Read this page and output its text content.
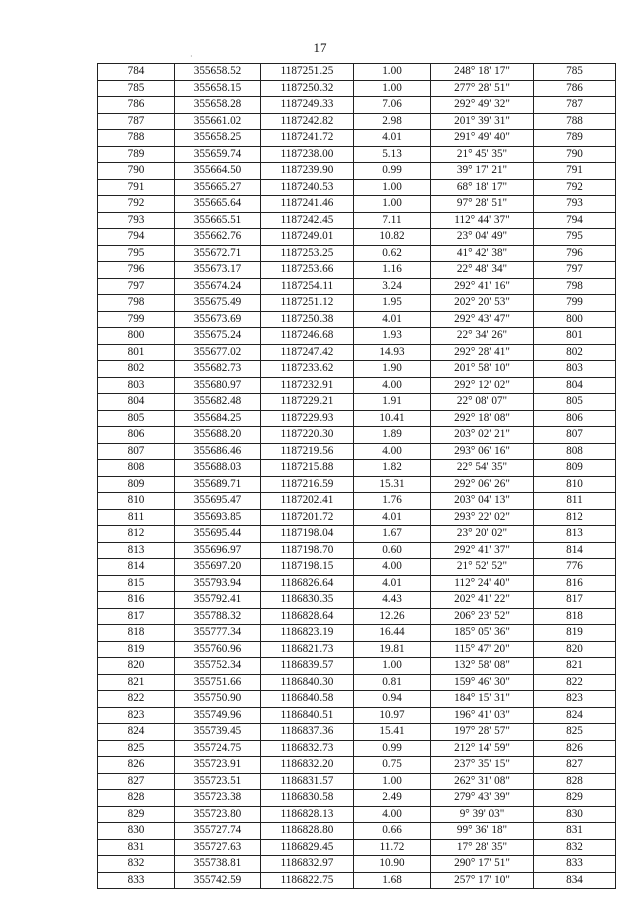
17
·
784	355658.52	1187251.25	1.00	248° 18' 17"	785
785	355658.15	1187250.32	1.00	277° 28' 51"	786
786	355658.28	1187249.33	7.06	292° 49' 32"	787
787	355661.02	1187242.82	2.98	201° 39' 31"	788
788	355658.25	1187241.72	4.01	291° 49' 40"	789
789	355659.74	1187238.00	5.13	21° 45' 35"	790
790	355664.50	1187239.90	0.99	39° 17' 21"	791
791	355665.27	1187240.53	1.00	68° 18' 17"	792
792	355665.64	1187241.46	1.00	97° 28' 51"	793
793	355665.51	1187242.45	7.11	112° 44' 37"	794
794	355662.76	1187249.01	10.82	23° 04' 49"	795
795	355672.71	1187253.25	0.62	41° 42' 38"	796
796	355673.17	1187253.66	1.16	22° 48' 34"	797
797	355674.24	1187254.11	3.24	292° 41' 16"	798
798	355675.49	1187251.12	1.95	202° 20' 53"	799
799	355673.69	1187250.38	4.01	292° 43' 47"	800
800	355675.24	1187246.68	1.93	22° 34' 26"	801
801	355677.02	1187247.42	14.93	292° 28' 41"	802
802	355682.73	1187233.62	1.90	201° 58' 10"	803
803	355680.97	1187232.91	4.00	292° 12' 02"	804
804	355682.48	1187229.21	1.91	22° 08' 07"	805
805	355684.25	1187229.93	10.41	292° 18' 08"	806
806	355688.20	1187220.30	1.89	203° 02' 21"	807
807	355686.46	1187219.56	4.00	293° 06' 16"	808
808	355688.03	1187215.88	1.82	22° 54' 35"	809
809	355689.71	1187216.59	15.31	292° 06' 26"	810
810	355695.47	1187202.41	1.76	203° 04' 13"	811
811	355693.85	1187201.72	4.01	293° 22' 02"	812
812	355695.44	1187198.04	1.67	23° 20' 02"	813
813	355696.97	1187198.70	0.60	292° 41' 37"	814
814	355697.20	1187198.15	4.00	21° 52' 52"	776
815	355793.94	1186826.64	4.01	112° 24' 40"	816
816	355792.41	1186830.35	4.43	202° 41' 22"	817
817	355788.32	1186828.64	12.26	206° 23' 52"	818
818	355777.34	1186823.19	16.44	185° 05' 36"	819
819	355760.96	1186821.73	19.81	115° 47' 20"	820
820	355752.34	1186839.57	1.00	132° 58' 08"	821
821	355751.66	1186840.30	0.81	159° 46' 30"	822
822	355750.90	1186840.58	0.94	184° 15' 31"	823
823	355749.96	1186840.51	10.97	196° 41' 03"	824
824	355739.45	1186837.36	15.41	197° 28' 57"	825
825	355724.75	1186832.73	0.99	212° 14' 59"	826
826	355723.91	1186832.20	0.75	237° 35' 15"	827
827	355723.51	1186831.57	1.00	262° 31' 08"	828
828	355723.38	1186830.58	2.49	279° 43' 39"	829
829	355723.80	1186828.13	4.00	9° 39' 03"	830
830	355727.74	1186828.80	0.66	99° 36' 18"	831
831	355727.63	1186829.45	11.72	17° 28' 35"	832
832	355738.81	1186832.97	10.90	290° 17' 51"	833
833	355742.59	1186822.75	1.68	257° 17' 10"	834
